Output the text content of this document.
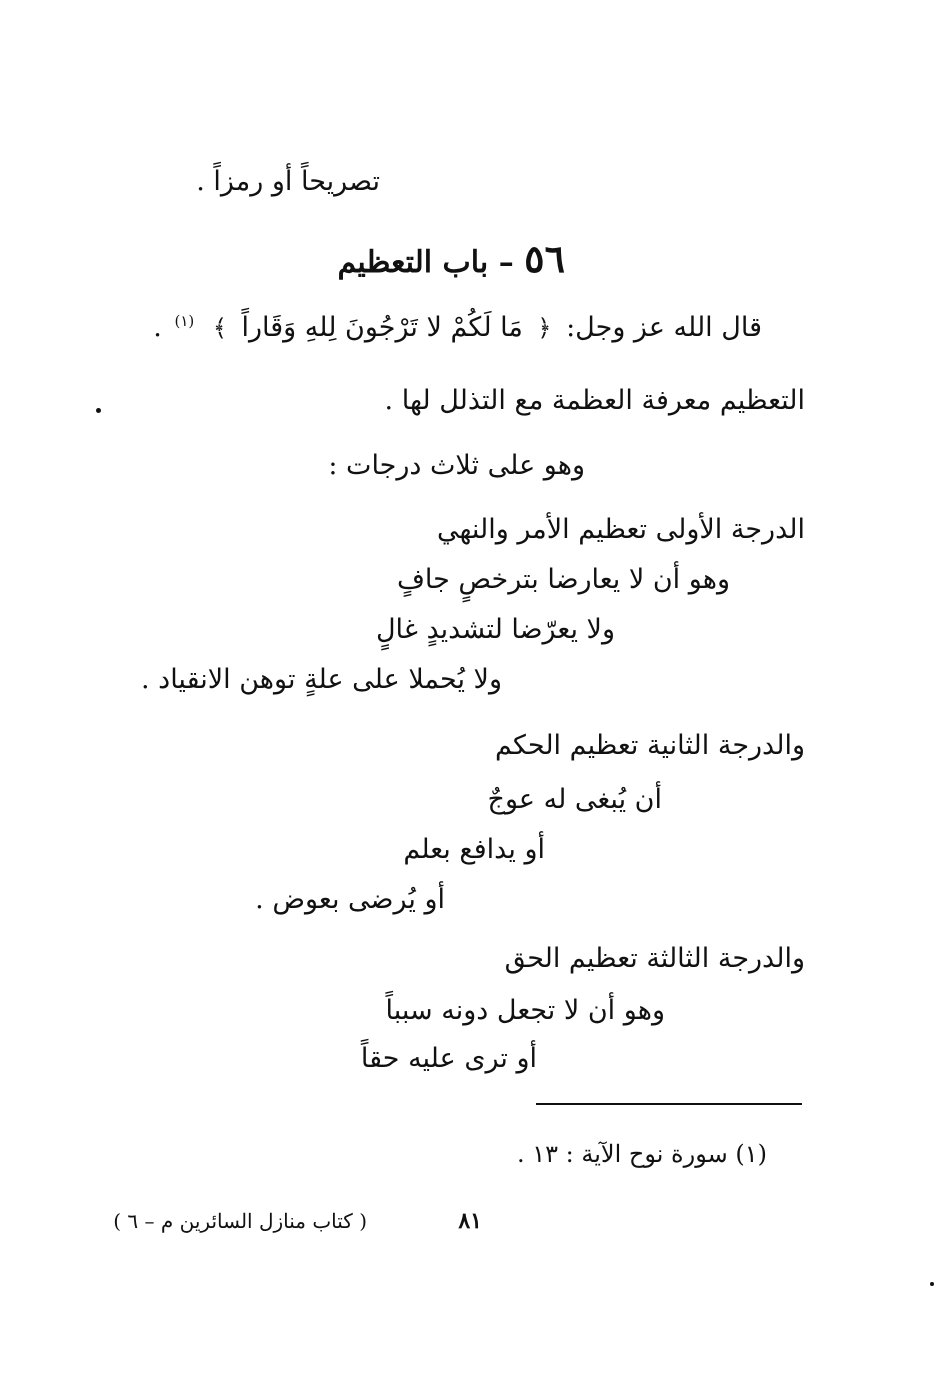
تصريحاً أو رمزاً .
٥٦ – باب التعظيم
قال الله عز وجل: ﴿ مَا لَكُمْ لا تَرْجُونَ لِلهِ وَقَاراً ﴾ $^{(١)}$ .
التعظيم معرفة العظمة مع التذلل لها .
وهو على ثلاث درجات :
الدرجة الأولى تعظيم الأمر والنهي
وهو أن لا يعارضا بترخصٍ جافٍ
ولا يعرّضا لتشديدٍ غالٍ
ولا يُحملا على علةٍ توهن الانقياد .
والدرجة الثانية تعظيم الحكم
أن يُبغى له عوجٌ
أو يدافع بعلم
أو يُرضى بعوض .
والدرجة الثالثة تعظيم الحق
وهو أن لا تجعل دونه سبباً
أو ترى عليه حقاً
(١) سورة نوح الآية : ١٣ .
٨١
( كتاب منازل السائرين م – ٦ )
